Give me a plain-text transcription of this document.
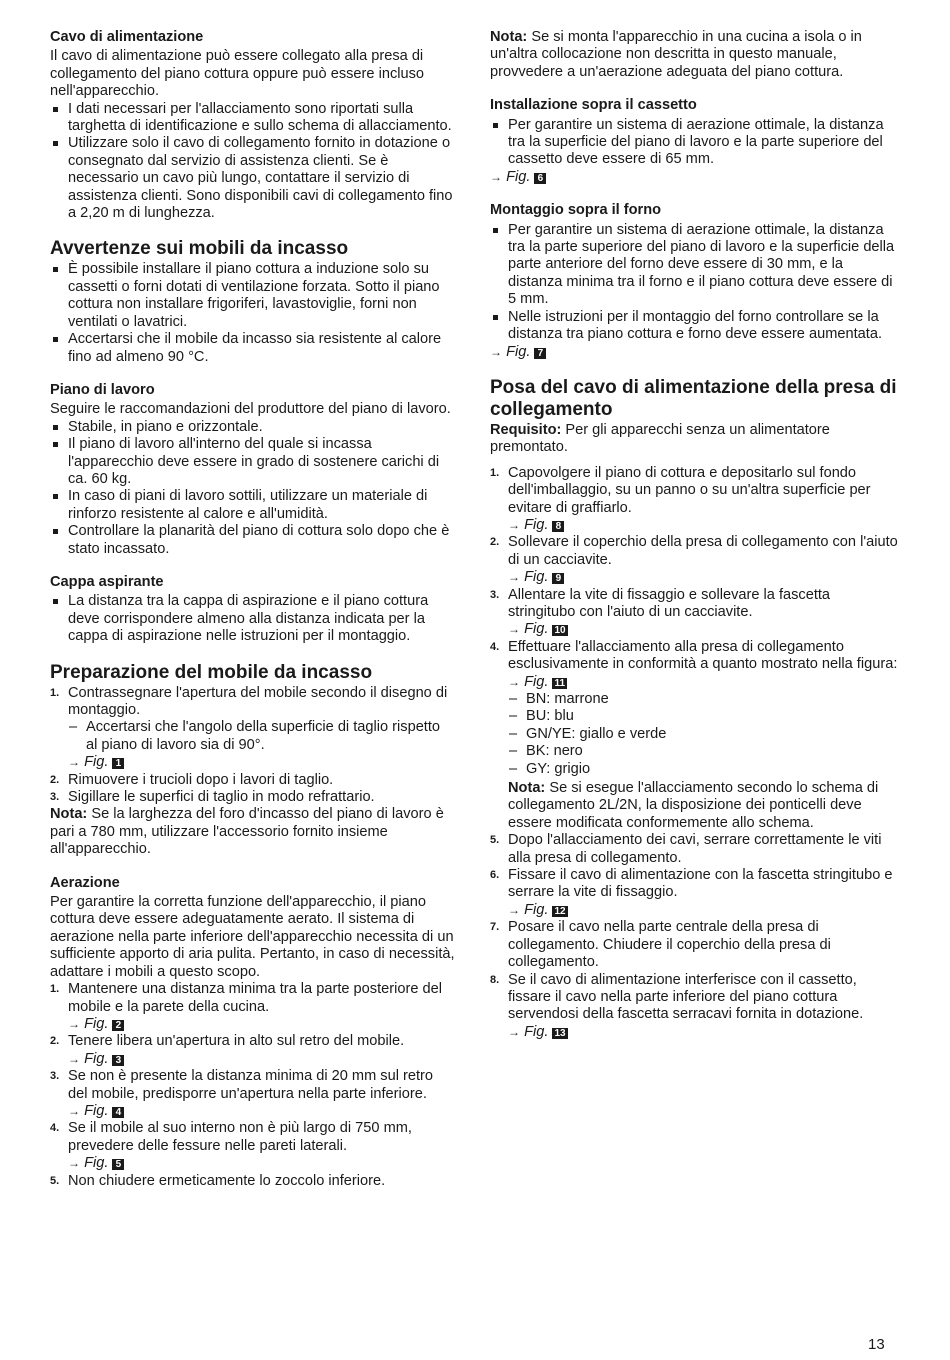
Cavo di alimentazione

Il cavo di alimentazione può essere collegato alla presa di collegamento del piano cottura oppure può essere incluso nell'apparecchio.

I dati necessari per l'allacciamento sono riportati sulla targhetta di identificazione e sullo schema di allacciamento.
Utilizzare solo il cavo di collegamento fornito in dotazione o consegnato dal servizio di assistenza clienti. Se è necessario un cavo più lungo, contattare il servizio di assistenza clienti. Sono disponibili cavi di collegamento fino a 2,20 m di lunghezza.
Avvertenze sui mobili da incasso
È possibile installare il piano cottura a induzione solo su cassetti o forni dotati di ventilazione forzata. Sotto il piano cottura non installare frigoriferi, lavastoviglie, forni non ventilati o lavatrici.
Accertarsi che il mobile da incasso sia resistente al calore fino ad almeno 90 °C.
Piano di lavoro

Seguire le raccomandazioni del produttore del piano di lavoro.

Stabile, in piano e orizzontale.
Il piano di lavoro all'interno del quale si incassa l'apparecchio deve essere in grado di sostenere carichi di ca. 60 kg.
In caso di piani di lavoro sottili, utilizzare un materiale di rinforzo resistente al calore e all'umidità.
Controllare la planarità del piano di cottura solo dopo che è stato incassato.
Cappa aspirante
La distanza tra la cappa di aspirazione e il piano cottura deve corrispondere almeno alla distanza indicata per la cappa di aspirazione nelle istruzioni per il montaggio.
Preparazione del mobile da incasso
1. Contrassegnare l'apertura del mobile secondo il disegno di montaggio.
– Accertarsi che l'angolo della superficie di taglio rispetto al piano di lavoro sia di 90°.
→ Fig. 1
2. Rimuovere i trucioli dopo i lavori di taglio.
3. Sigillare le superfici di taglio in modo refrattario.

Nota: Se la larghezza del foro d'incasso del piano di lavoro è pari a 780 mm, utilizzare l'accessorio fornito insieme all'apparecchio.

Aerazione

Per garantire la corretta funzione dell'apparecchio, il piano cottura deve essere adeguatamente aerato. Il sistema di aerazione nella parte inferiore dell'apparecchio necessita di un sufficiente apporto di aria pulita. Pertanto, in caso di necessità, adattare i mobili a questo scopo.

1. Mantenere una distanza minima tra la parte posteriore del mobile e la parete della cucina.
→ Fig. 2
2. Tenere libera un'apertura in alto sul retro del mobile.
→ Fig. 3
3. Se non è presente la distanza minima di 20 mm sul retro del mobile, predisporre un'apertura nella parte inferiore.
→ Fig. 4
4. Se il mobile al suo interno non è più largo di 750 mm, prevedere delle fessure nelle pareti laterali.
→ Fig. 5
5. Non chiudere ermeticamente lo zoccolo inferiore.

Nota: Se si monta l'apparecchio in una cucina a isola o in un'altra collocazione non descritta in questo manuale, provvedere a un'aerazione adeguata del piano cottura.

Installazione sopra il cassetto
Per garantire un sistema di aerazione ottimale, la distanza tra la superficie del piano di lavoro e la parte superiore del cassetto deve essere di 65 mm.
→ Fig. 6
Montaggio sopra il forno
Per garantire un sistema di aerazione ottimale, la distanza tra la parte superiore del piano di lavoro e la superficie della parte anteriore del forno deve essere di 30 mm, e la distanza minima tra il forno e il piano cottura deve essere di 5 mm.
Nelle istruzioni per il montaggio del forno controllare se la distanza tra piano cottura e forno deve essere aumentata.
→ Fig. 7
Posa del cavo di alimentazione della presa di collegamento

Requisito: Per gli apparecchi senza un alimentatore premontato.

1. Capovolgere il piano di cottura e depositarlo sul fondo dell'imballaggio, su un panno o su un'altra superficie per evitare di graffiarlo.
→ Fig. 8
2. Sollevare il coperchio della presa di collegamento con l'aiuto di un cacciavite.
→ Fig. 9
3. Allentare la vite di fissaggio e sollevare la fascetta stringitubo con l'aiuto di un cacciavite.
→ Fig. 10
4. Effettuare l'allacciamento alla presa di collegamento esclusivamente in conformità a quanto mostrato nella figura:
→ Fig. 11
– BN: marrone
– BU: blu
– GN/YE: giallo e verde
– BK: nero
– GY: grigio

Nota: Se si esegue l'allacciamento secondo lo schema di collegamento 2L/2N, la disposizione dei ponticelli deve essere modificata conformemente allo schema.

5. Dopo l'allacciamento dei cavi, serrare correttamente le viti alla presa di collegamento.
6. Fissare il cavo di alimentazione con la fascetta stringitubo e serrare la vite di fissaggio.
→ Fig. 12
7. Posare il cavo nella parte centrale della presa di collegamento. Chiudere il coperchio della presa di collegamento.
8. Se il cavo di alimentazione interferisce con il cassetto, fissare il cavo nella parte inferiore del piano cottura servendosi della fascetta serracavi fornita in dotazione.
→ Fig. 13
13
